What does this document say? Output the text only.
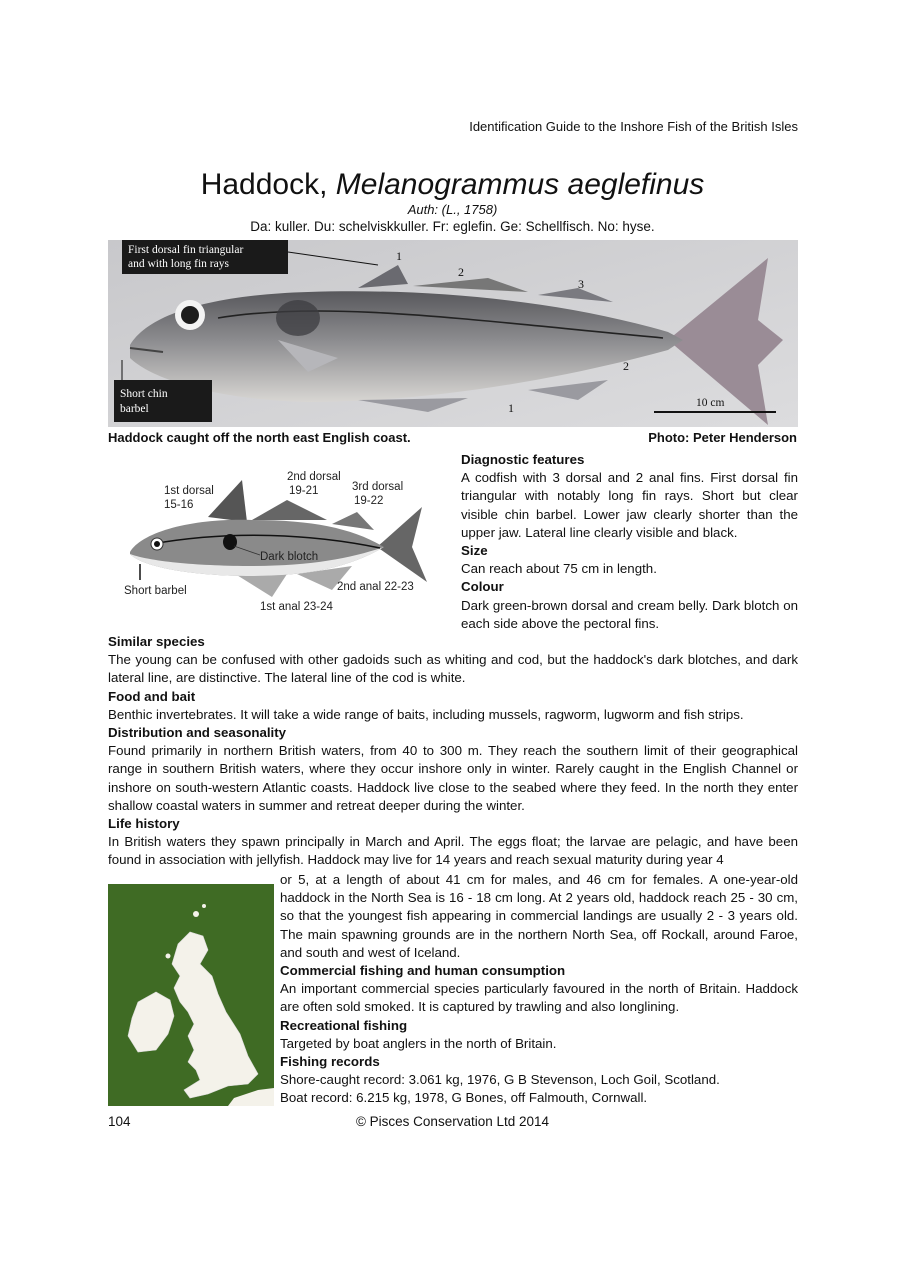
Identification Guide to the Inshore Fish of the British Isles
Haddock, Melanogrammus aeglefinus
Auth: (L., 1758)
Da: kuller. Du: schelviskkuller. Fr: eglefin. Ge: Schellfisch. No: hyse.
First dorsal fin triangular
and with long fin rays
Short chin
barbel
1
2
3
2
1	10 cm
Haddock caught off the north east English coast.	Photo: Peter Henderson
1st dorsal
15-16
2nd dorsal
19-21	3rd dorsal
19-22
Dark blotch
Short barbel
1st anal 23-24
2nd anal 22-23

Diagnostic features

A codfish with 3 dorsal and 2 anal fins. First dorsal fin triangular with notably long fin rays. Short but clear visible chin barbel. Lower jaw clearly shorter than the upper jaw. Lateral line clearly visible and black.

Size

Can reach about 75 cm in length.

Colour

Dark green-brown dorsal and cream belly. Dark blotch on each side above the pectoral fins.

Similar species

The young can be confused with other gadoids such as whiting and cod, but the haddock's dark blotches, and dark lateral line, are distinctive. The lateral line of the cod is white.

Food and bait

Benthic invertebrates. It will take a wide range of baits, including mussels, ragworm, lugworm and fish strips.

Distribution and seasonality

Found primarily in northern British waters, from 40 to 300 m. They reach the southern limit of their geographical range in southern British waters, where they occur inshore only in winter. Rarely caught in the English Channel or inshore on south-western Atlantic coasts. Haddock live close to the seabed where they feed. In the north they enter shallow coastal waters in summer and retreat deeper during the winter.

Life history

In British waters they spawn principally in March and April. The eggs float; the larvae are pelagic, and have been found in association with jellyfish. Haddock may live for 14 years and reach sexual maturity during year 4

or 5, at a length of about 41 cm for males, and 46 cm for females. A one-year-old haddock in the North Sea is 16 - 18 cm long. At 2 years old, haddock reach 25 - 30 cm, so that the youngest fish appearing in commercial landings are usually 2 - 3 years old. The main spawning grounds are in the northern North Sea, off Rockall, around Faroe, and south and west of Iceland.

Commercial fishing and human consumption

An important commercial species particularly favoured in the north of Britain. Haddock are often sold smoked. It is captured by trawling and also longlining.

Recreational fishing

Targeted by boat anglers in the north of Britain.

Fishing records

Shore-caught record: 3.061 kg, 1976, G B Stevenson, Loch Goil, Scotland.

Boat record: 6.215 kg, 1978, G Bones, off Falmouth, Cornwall.

104	© Pisces Conservation Ltd 2014
